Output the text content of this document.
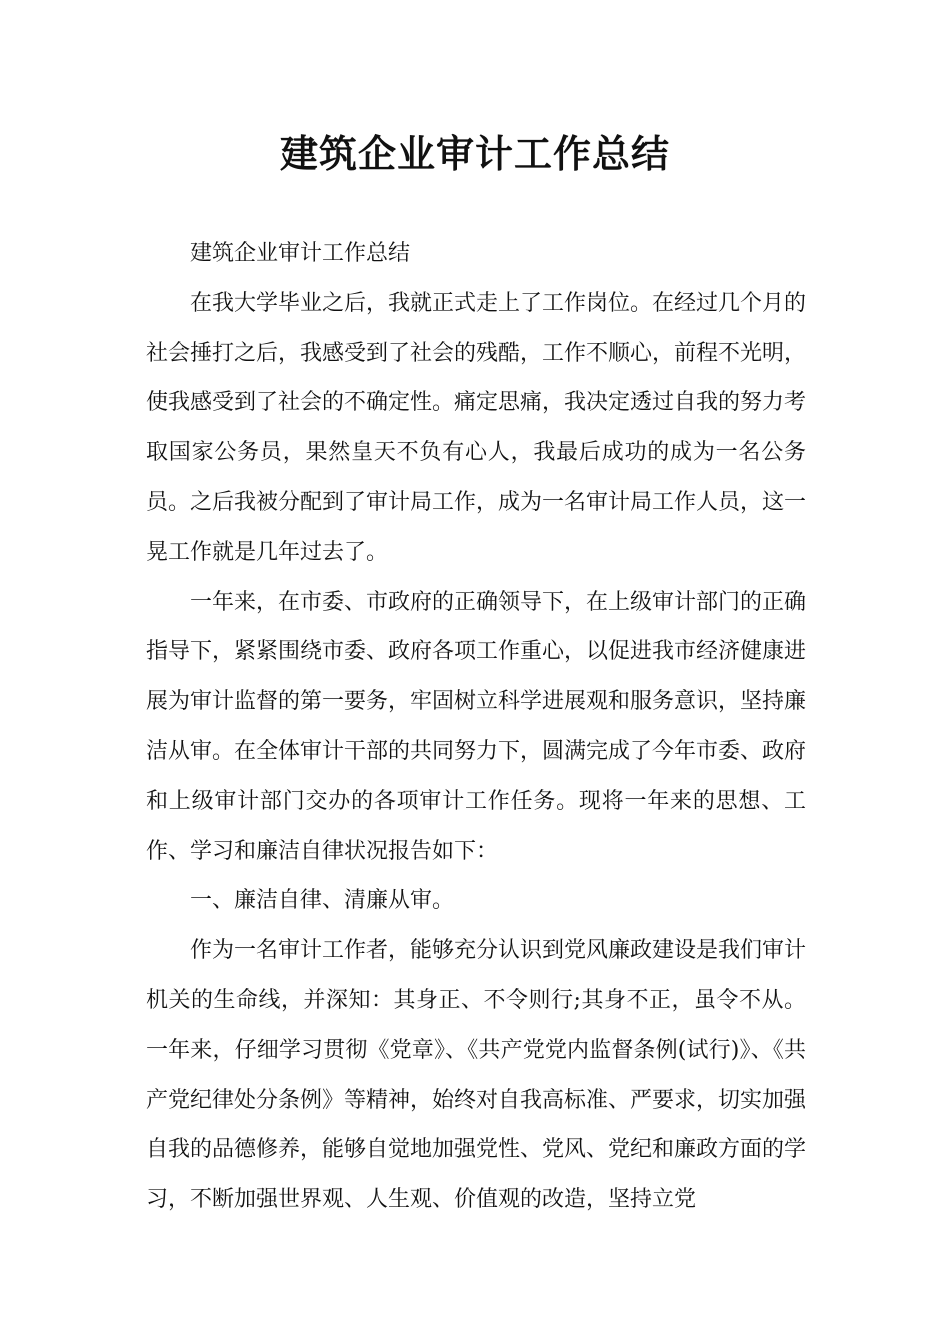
建筑企业审计工作总结

建筑企业审计工作总结

在我大学毕业之后，我就正式走上了工作岗位。在经过几个月的社会捶打之后，我感受到了社会的残酷，工作不顺心，前程不光明，使我感受到了社会的不确定性。痛定思痛，我决定透过自我的努力考取国家公务员，果然皇天不负有心人，我最后成功的成为一名公务员。之后我被分配到了审计局工作，成为一名审计局工作人员，这一晃工作就是几年过去了。

一年来，在市委、市政府的正确领导下，在上级审计部门的正确指导下，紧紧围绕市委、政府各项工作重心，以促进我市经济健康进展为审计监督的第一要务，牢固树立科学进展观和服务意识，坚持廉洁从审。在全体审计干部的共同努力下，圆满完成了今年市委、政府和上级审计部门交办的各项审计工作任务。现将一年来的思想、工作、学习和廉洁自律状况报告如下：

一、廉洁自律、清廉从审。

作为一名审计工作者，能够充分认识到党风廉政建设是我们审计机关的生命线，并深知：其身正、不令则行;其身不正，虽令不从。一年来，仔细学习贯彻《党章》、《共产党党内监督条例(试行)》、《共产党纪律处分条例》等精神，始终对自我高标准、严要求，切实加强自我的品德修养，能够自觉地加强党性、党风、党纪和廉政方面的学习，不断加强世界观、人生观、价值观的改造，坚持立党
